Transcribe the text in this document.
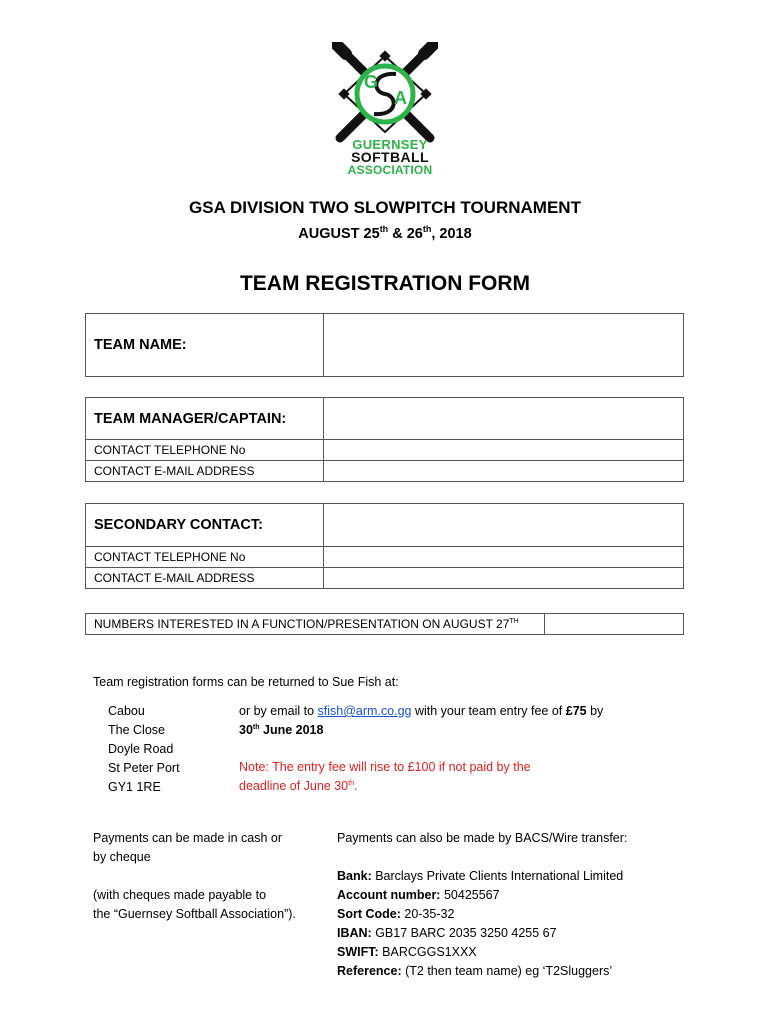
G
A
GUERNSEY
SOFTBALL
ASSOCIATION
GSA DIVISION TWO SLOWPITCH TOURNAMENT
AUGUST 25th & 26th, 2018
TEAM REGISTRATION FORM
TEAM NAME:	
TEAM MANAGER/CAPTAIN:	
CONTACT TELEPHONE No	
CONTACT E-MAIL ADDRESS	
SECONDARY CONTACT:	
CONTACT TELEPHONE No	
CONTACT E-MAIL ADDRESS	
NUMBERS INTERESTED IN A FUNCTION/PRESENTATION ON AUGUST 27TH	
Team registration forms can be returned to Sue Fish at:
Cabou
The Close
Doyle Road
St Peter Port
GY1 1RE
or by email to sfish@arm.co.gg with your team entry fee of £75 by
30th June 2018
Note: The entry fee will rise to £100 if not paid by the
deadline of June 30th.
Payments can be made in cash or
by cheque
(with cheques made payable to
the “Guernsey Softball Association”).
Payments can also be made by BACS/Wire transfer:
Bank: Barclays Private Clients International Limited
Account number: 50425567
Sort Code: 20-35-32
IBAN: GB17 BARC 2035 3250 4255 67
SWIFT: BARCGGS1XXX
Reference: (T2 then team name) eg ‘T2Sluggers’
